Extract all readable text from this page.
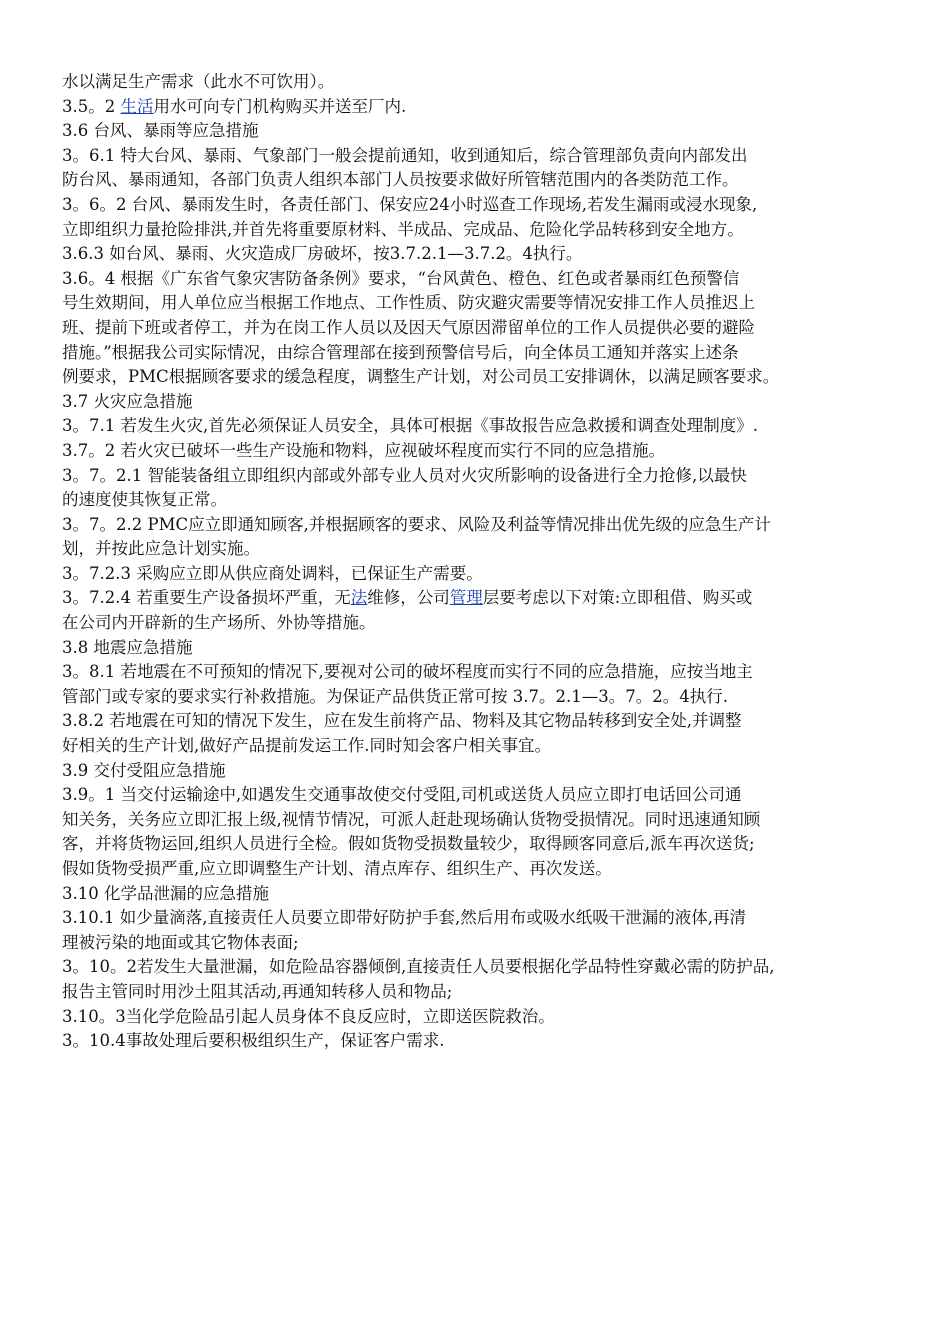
水以满足生产需求（此水不可饮用）。
3.5。2 生活用水可向专门机构购买并送至厂内.
3.6 台风、暴雨等应急措施
3。6.1 特大台风、暴雨、气象部门一般会提前通知，收到通知后，综合管理部负责向内部发出
防台风、暴雨通知，各部门负责人组织本部门人员按要求做好所管辖范围内的各类防范工作。
3。6。2 台风、暴雨发生时，各责任部门、保安应24小时巡查工作现场,若发生漏雨或浸水现象,
立即组织力量抢险排洪,并首先将重要原材料、半成品、完成品、危险化学品转移到安全地方。
3.6.3 如台风、暴雨、火灾造成厂房破坏，按3.7.2.1—3.7.2。4执行。
3.6。4 根据《广东省气象灾害防备条例》要求，“台风黄色、橙色、红色或者暴雨红色预警信
号生效期间，用人单位应当根据工作地点、工作性质、防灾避灾需要等情况安排工作人员推迟上
班、提前下班或者停工，并为在岗工作人员以及因天气原因滞留单位的工作人员提供必要的避险
措施。”根据我公司实际情况，由综合管理部在接到预警信号后，向全体员工通知并落实上述条
例要求，PMC根据顾客要求的缓急程度，调整生产计划，对公司员工安排调休，以满足顾客要求。
3.7 火灾应急措施
3。7.1 若发生火灾,首先必须保证人员安全，具体可根据《事故报告应急救援和调查处理制度》.
3.7。2 若火灾已破坏一些生产设施和物料，应视破坏程度而实行不同的应急措施。
3。7。2.1 智能装备组立即组织内部或外部专业人员对火灾所影响的设备进行全力抢修,以最快
的速度使其恢复正常。
3。7。2.2 PMC应立即通知顾客,并根据顾客的要求、风险及利益等情况排出优先级的应急生产计
划，并按此应急计划实施。
3。7.2.3 采购应立即从供应商处调料，已保证生产需要。
3。7.2.4 若重要生产设备损坏严重，无法维修，公司管理层要考虑以下对策:立即租借、购买或
在公司内开辟新的生产场所、外协等措施。
3.8 地震应急措施
3。8.1 若地震在不可预知的情况下,要视对公司的破坏程度而实行不同的应急措施，应按当地主
管部门或专家的要求实行补救措施。为保证产品供货正常可按 3.7。2.1—3。7。2。4执行.
3.8.2 若地震在可知的情况下发生，应在发生前将产品、物料及其它物品转移到安全处,并调整
好相关的生产计划,做好产品提前发运工作.同时知会客户相关事宜。
3.9 交付受阻应急措施
3.9。1 当交付运输途中,如遇发生交通事故使交付受阻,司机或送货人员应立即打电话回公司通
知关务，关务应立即汇报上级,视情节情况，可派人赶赴现场确认货物受损情况。同时迅速通知顾
客，并将货物运回,组织人员进行全检。假如货物受损数量较少，取得顾客同意后,派车再次送货;
假如货物受损严重,应立即调整生产计划、清点库存、组织生产、再次发送。
3.10 化学品泄漏的应急措施
3.10.1 如少量滴落,直接责任人员要立即带好防护手套,然后用布或吸水纸吸干泄漏的液体,再清
理被污染的地面或其它物体表面;
3。10。2若发生大量泄漏，如危险品容器倾倒,直接责任人员要根据化学品特性穿戴必需的防护品,
报告主管同时用沙土阻其活动,再通知转移人员和物品;
3.10。3当化学危险品引起人员身体不良反应时，立即送医院救治。
3。10.4事故处理后要积极组织生产，保证客户需求.
